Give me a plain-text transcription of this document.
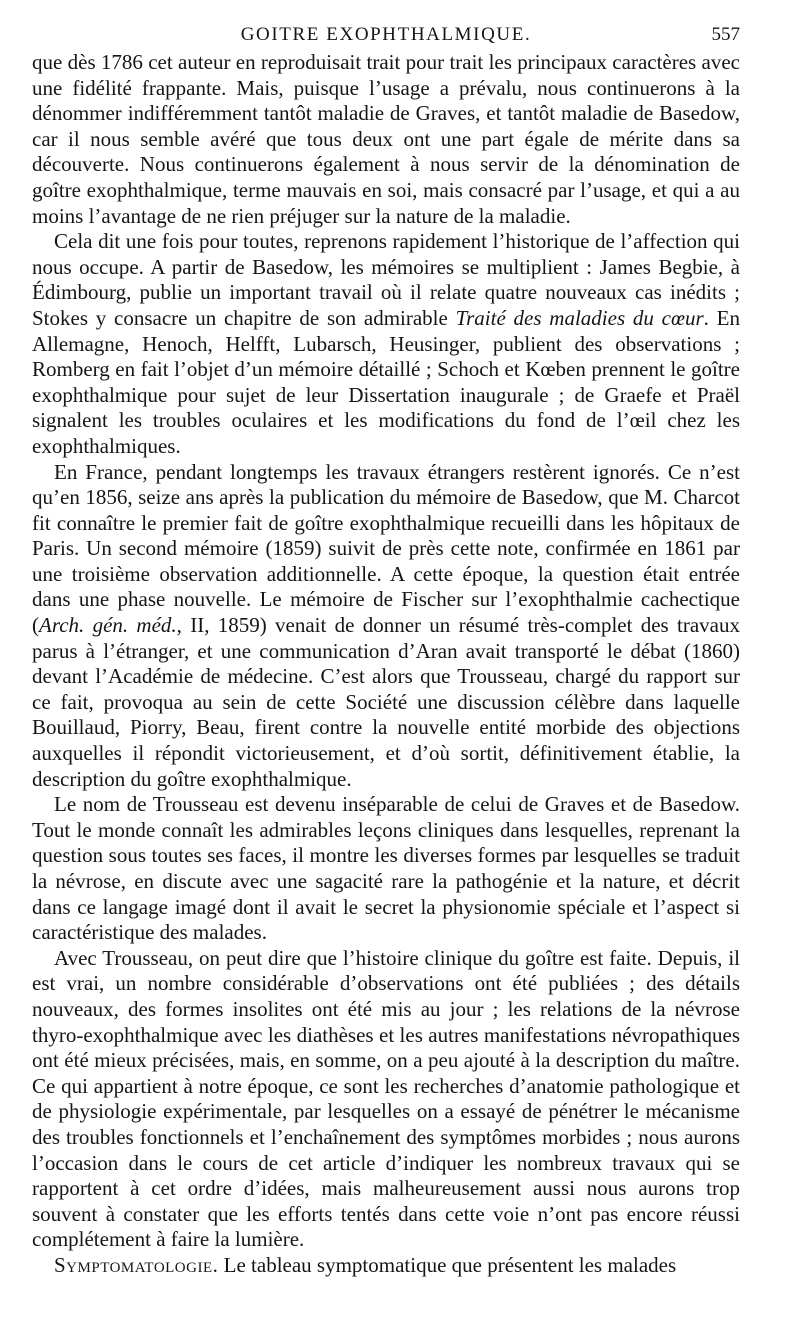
GOITRE EXOPHTHALMIQUE.	557

que dès 1786 cet auteur en reproduisait trait pour trait les principaux caractères avec une fidélité frappante. Mais, puisque l’usage a prévalu, nous continuerons à la dénommer indifféremment tantôt maladie de Graves, et tantôt maladie de Basedow, car il nous semble avéré que tous deux ont une part égale de mérite dans sa découverte. Nous continuerons également à nous servir de la dénomination de goître exophthalmique, terme mauvais en soi, mais consacré par l’usage, et qui a au moins l’avantage de ne rien préjuger sur la nature de la maladie.

Cela dit une fois pour toutes, reprenons rapidement l’historique de l’affection qui nous occupe. A partir de Basedow, les mémoires se multiplient : James Begbie, à Édimbourg, publie un important travail où il relate quatre nouveaux cas inédits ; Stokes y consacre un chapitre de son admirable Traité des maladies du cœur. En Allemagne, Henoch, Helfft, Lubarsch, Heusinger, publient des observations ; Romberg en fait l’objet d’un mémoire détaillé ; Schoch et Kœben prennent le goître exophthalmique pour sujet de leur Dissertation inaugurale ; de Graefe et Praël signalent les troubles oculaires et les modifications du fond de l’œil chez les exophthalmiques.

En France, pendant longtemps les travaux étrangers restèrent ignorés. Ce n’est qu’en 1856, seize ans après la publication du mémoire de Basedow, que M. Charcot fit connaître le premier fait de goître exophthalmique recueilli dans les hôpitaux de Paris. Un second mémoire (1859) suivit de près cette note, confirmée en 1861 par une troisième observation additionnelle. A cette époque, la question était entrée dans une phase nouvelle. Le mémoire de Fischer sur l’exophthalmie cachectique (Arch. gén. méd., II, 1859) venait de donner un résumé très-complet des travaux parus à l’étranger, et une communication d’Aran avait transporté le débat (1860) devant l’Académie de médecine. C’est alors que Trousseau, chargé du rapport sur ce fait, provoqua au sein de cette Société une discussion célèbre dans laquelle Bouillaud, Piorry, Beau, firent contre la nouvelle entité morbide des objections auxquelles il répondit victorieusement, et d’où sortit, définitivement établie, la description du goître exophthalmique.

Le nom de Trousseau est devenu inséparable de celui de Graves et de Basedow. Tout le monde connaît les admirables leçons cliniques dans lesquelles, reprenant la question sous toutes ses faces, il montre les diverses formes par lesquelles se traduit la névrose, en discute avec une sagacité rare la pathogénie et la nature, et décrit dans ce langage imagé dont il avait le secret la physionomie spéciale et l’aspect si caractéristique des malades.

Avec Trousseau, on peut dire que l’histoire clinique du goître est faite. Depuis, il est vrai, un nombre considérable d’observations ont été publiées ; des détails nouveaux, des formes insolites ont été mis au jour ; les relations de la névrose thyro-exophthalmique avec les diathèses et les autres manifestations névropathiques ont été mieux précisées, mais, en somme, on a peu ajouté à la description du maître. Ce qui appartient à notre époque, ce sont les recherches d’anatomie pathologique et de physiologie expérimentale, par lesquelles on a essayé de pénétrer le mécanisme des troubles fonctionnels et l’enchaînement des symptômes morbides ; nous aurons l’occasion dans le cours de cet article d’indiquer les nombreux travaux qui se rapportent à cet ordre d’idées, mais malheureusement aussi nous aurons trop souvent à constater que les efforts tentés dans cette voie n’ont pas encore réussi complétement à faire la lumière.

Symptomatologie. Le tableau symptomatique que présentent les malades
